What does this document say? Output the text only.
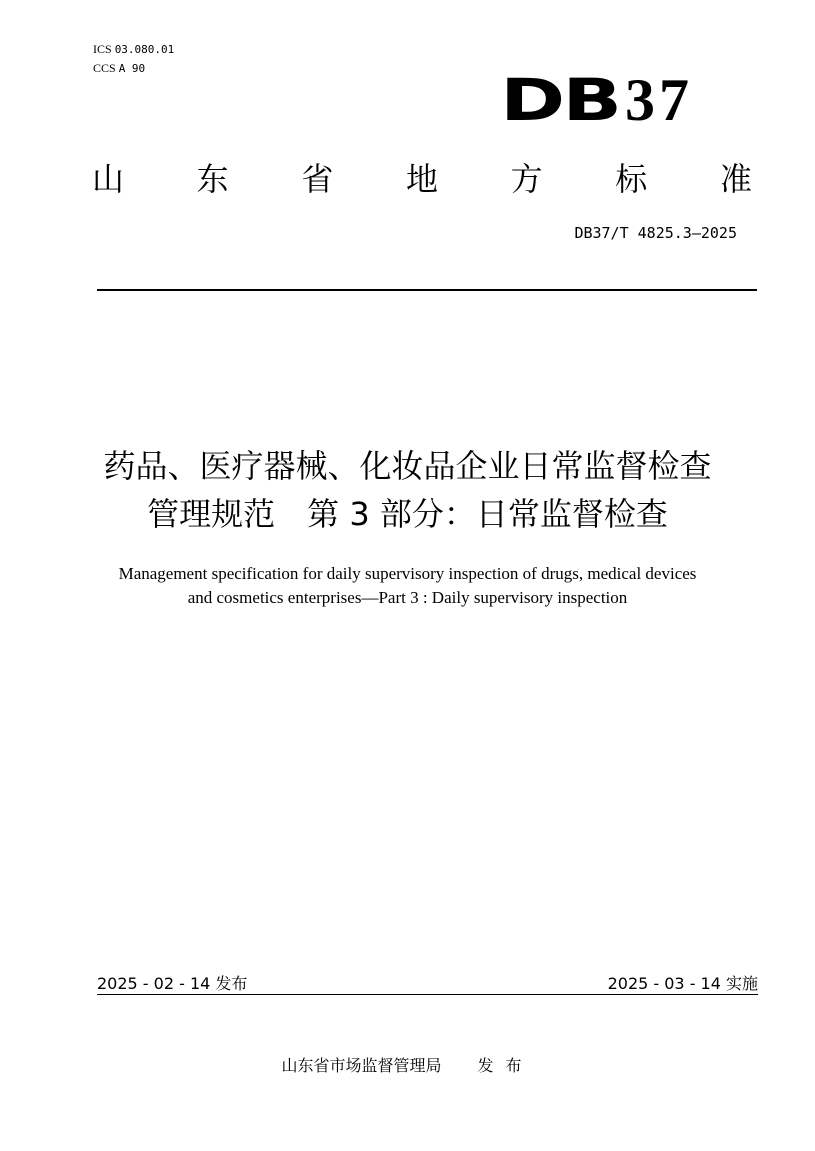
ICS 03.080.01
CCS A 90	DB 37
山 东 省 地 方 标 准
DB37/T 4825.3—2025
药品、医疗器械、化妆品企业日常监督检查
管理规范　第 3 部分：日常监督检查
Management specification for daily supervisory inspection of drugs, medical devices
and cosmetics enterprises—Part 3 : Daily supervisory inspection
2025 - 02 - 14 发布	2025 - 03 - 14 实施
山东省市场监督管理局 发布
